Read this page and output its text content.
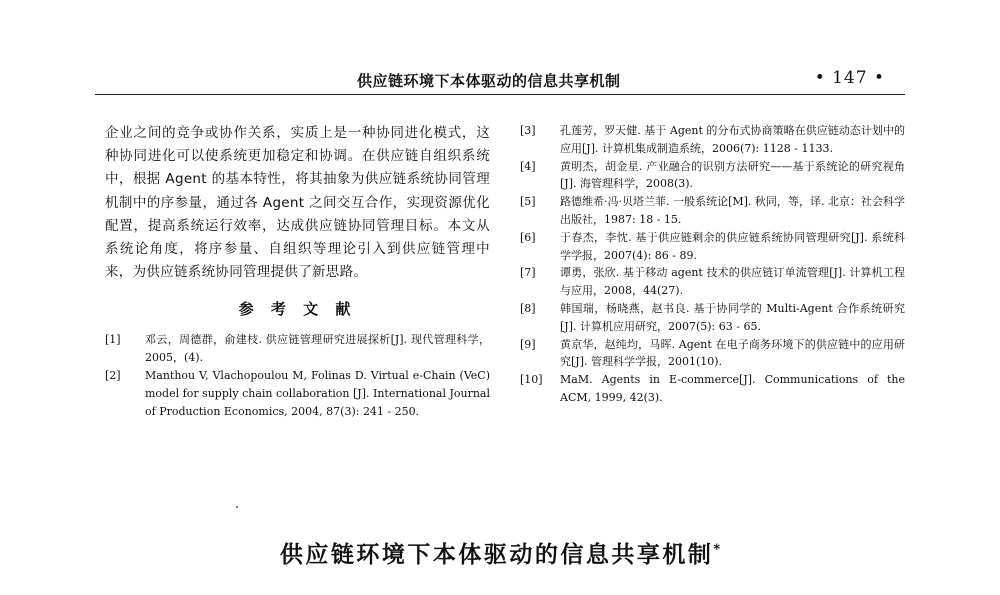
供应链环境下本体驱动的信息共享机制	• 147 •

企业之间的竞争或协作关系，实质上是一种协同进化模式，这种协同进化可以使系统更加稳定和协调。在供应链自组织系统中，根据 Agent 的基本特性，将其抽象为供应链系统协同管理机制中的序参量，通过各 Agent 之间交互合作，实现资源优化配置，提高系统运行效率，达成供应链协同管理目标。本文从系统论角度，将序参量、自组织等理论引入到供应链管理中来，为供应链系统协同管理提供了新思路。

参 考 文 献
[1]	邓云，周德群，俞建枝. 供应链管理研究进展探析[J]. 现代管理科学，2005，(4).
[2]	Manthou V, Vlachopoulou M, Folinas D. Virtual e-Chain (VeC) model for supply chain collaboration [J]. International Journal of Production Economics, 2004, 87(3): 241 - 250.
[3]	孔莲芳，罗天健. 基于 Agent 的分布式协商策略在供应链动态计划中的应用[J]. 计算机集成制造系统，2006(7): 1128 - 1133.
[4]	黄明杰，胡金星. 产业融合的识别方法研究——基于系统论的研究视角[J]. 海管理科学，2008(3).
[5]	路德维希·冯·贝塔兰菲. 一般系统论[M]. 秋同，等，译. 北京：社会科学出版社，1987: 18 - 15.
[6]	于春杰，李忱. 基于供应链剩余的供应链系统协同管理研究[J]. 系统科学学报，2007(4): 86 - 89.
[7]	谭勇，张欣. 基于移动 agent 技术的供应链订单流管理[J]. 计算机工程与应用，2008，44(27).
[8]	韩国瑞，杨晓燕，赵书良. 基于协同学的 Multi-Agent 合作系统研究[J]. 计算机应用研究，2007(5): 63 - 65.
[9]	黄京华，赵纯均，马晖. Agent 在电子商务环境下的供应链中的应用研究[J]. 管理科学学报，2001(10).
[10]	MaM. Agents in E-commerce[J]. Communications of the ACM, 1999, 42(3).
供应链环境下本体驱动的信息共享机制*
